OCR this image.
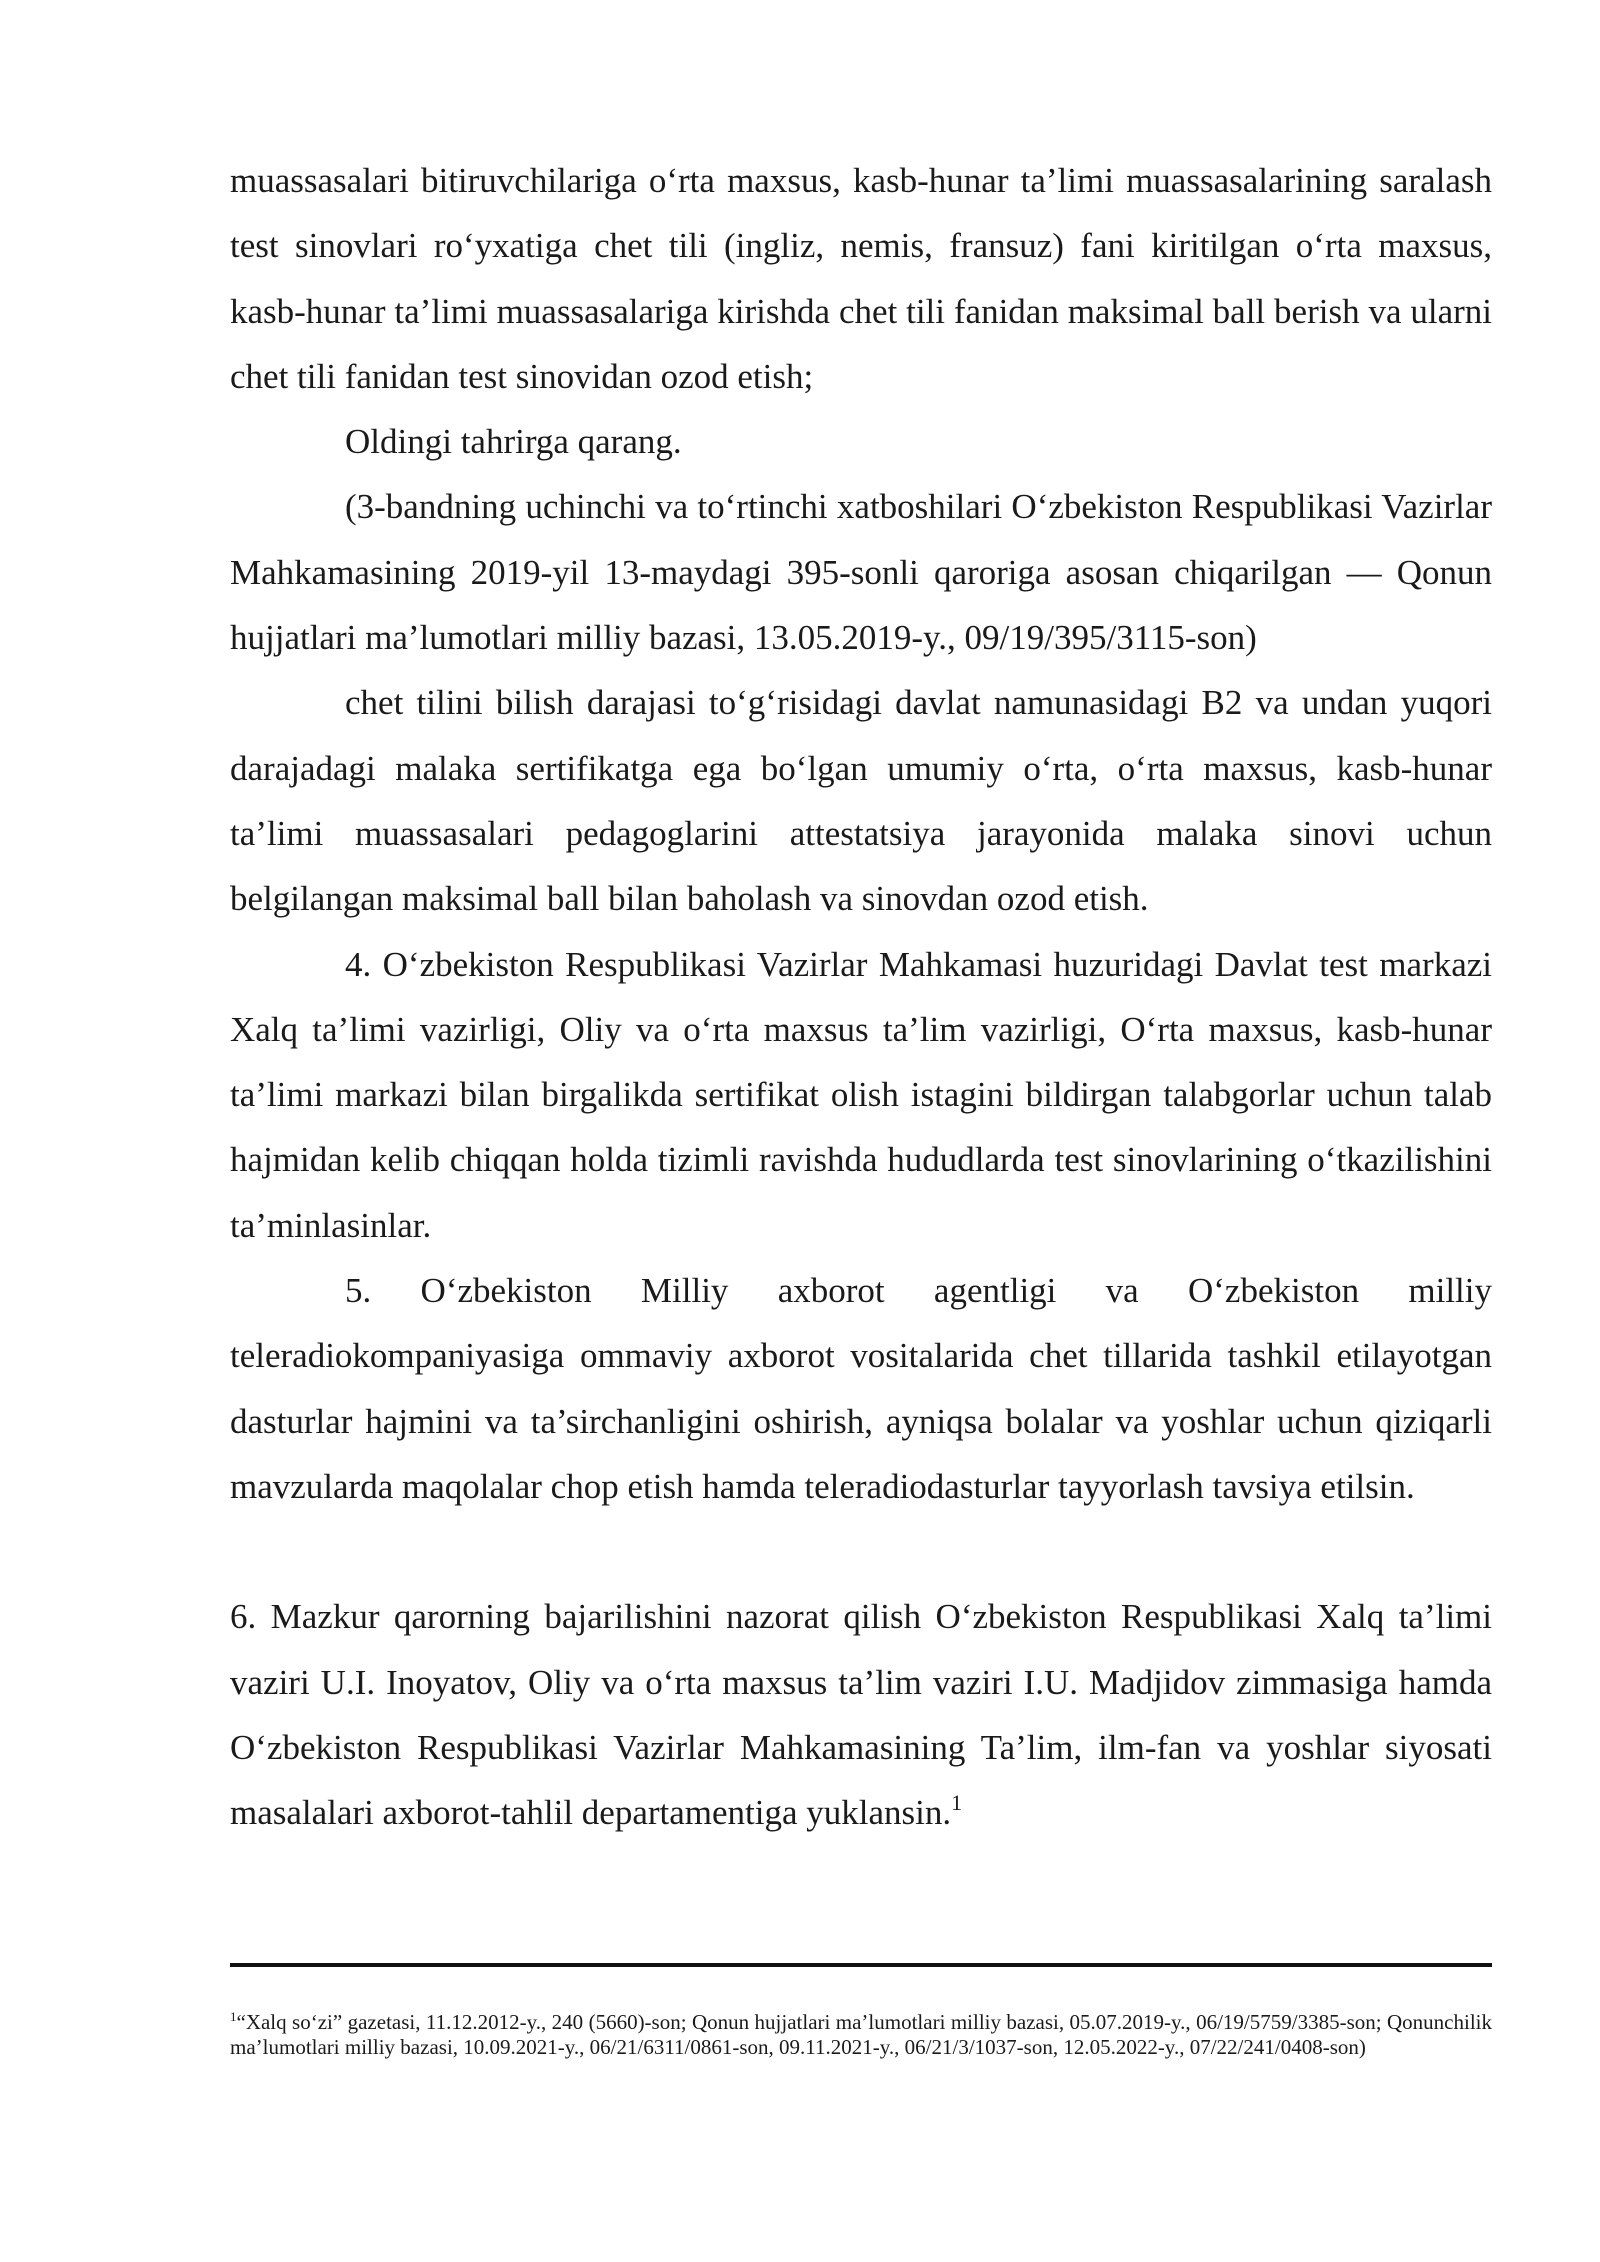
muassasalari bitiruvchilariga o‘rta maxsus, kasb-hunar ta’limi muassasalarining saralash test sinovlari ro‘yxatiga chet tili (ingliz, nemis, fransuz) fani kiritilgan o‘rta maxsus, kasb-hunar ta’limi muassasalariga kirishda chet tili fanidan maksimal ball berish va ularni chet tili fanidan test sinovidan ozod etish;

Oldingi tahrirga qarang.

(3-bandning uchinchi va to‘rtinchi xatboshilari O‘zbekiston Respublikasi Vazirlar Mahkamasining 2019-yil 13-maydagi 395-sonli qaroriga asosan chiqarilgan — Qonun hujjatlari ma’lumotlari milliy bazasi, 13.05.2019-y., 09/19/395/3115-son)

chet tilini bilish darajasi to‘g‘risidagi davlat namunasidagi B2 va undan yuqori darajadagi malaka sertifikatga ega bo‘lgan umumiy o‘rta, o‘rta maxsus, kasb-hunar ta’limi muassasalari pedagoglarini attestatsiya jarayonida malaka sinovi uchun belgilangan maksimal ball bilan baholash va sinovdan ozod etish.

4. O‘zbekiston Respublikasi Vazirlar Mahkamasi huzuridagi Davlat test markazi Xalq ta’limi vazirligi, Oliy va o‘rta maxsus ta’lim vazirligi, O‘rta maxsus, kasb-hunar ta’limi markazi bilan birgalikda sertifikat olish istagini bildirgan talabgorlar uchun talab hajmidan kelib chiqqan holda tizimli ravishda hududlarda test sinovlarining o‘tkazilishini ta’minlasinlar.

5. O‘zbekiston Milliy axborot agentligi va O‘zbekiston milliy teleradiokompaniyasiga ommaviy axborot vositalarida chet tillarida tashkil etilayotgan dasturlar hajmini va ta’sirchanligini oshirish, ayniqsa bolalar va yoshlar uchun qiziqarli mavzularda maqolalar chop etish hamda teleradiodasturlar tayyorlash tavsiya etilsin.

6. Mazkur qarorning bajarilishini nazorat qilish O‘zbekiston Respublikasi Xalq ta’limi vaziri U.I. Inoyatov, Oliy va o‘rta maxsus ta’lim vaziri I.U. Madjidov zimmasiga hamda O‘zbekiston Respublikasi Vazirlar Mahkamasining Ta’lim, ilm-fan va yoshlar siyosati masalalari axborot-tahlil departamentiga yuklansin.$^1$

$^1$“Xalq so‘zi” gazetasi, 11.12.2012-y., 240 (5660)-son; Qonun hujjatlari ma’lumotlari milliy bazasi, 05.07.2019-y., 06/19/5759/3385-son; Qonunchilik ma’lumotlari milliy bazasi, 10.09.2021-y., 06/21/6311/0861-son, 09.11.2021-y., 06/21/3/1037-son, 12.05.2022-y., 07/22/241/0408-son)
